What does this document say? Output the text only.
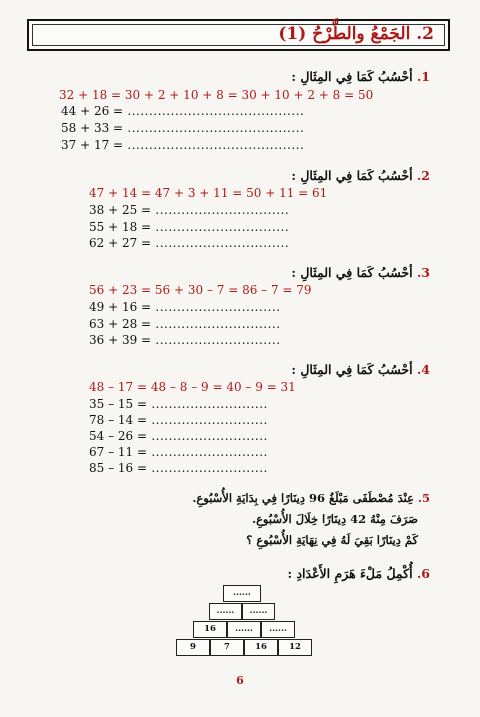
2. الجَمْعُ والطَّرْحُ (1)
1. أحْسُبُ كَمَا فِي المِثَالِ :
32 + 18 = 30 + 2 + 10 + 8 = 30 + 10 + 2 + 8 = 50
44 + 26 = .........................................
58 + 33 = .........................................
37 + 17 = .........................................
2. أحْسُبُ كَمَا فِي المِثَالِ :
47 + 14 = 47 + 3 + 11 = 50 + 11 = 61
38 + 25 = ...............................
55 + 18 = ...............................
62 + 27 = ...............................
3. أحْسُبُ كَمَا فِي المِثَالِ :
56 + 23 = 56 + 30 – 7 = 86 – 7 = 79
49 + 16 = .............................
63 + 28 = .............................
36 + 39 = .............................
4. أحْسُبُ كَمَا فِي المِثَالِ :
48 – 17 = 48 – 8 – 9 = 40 – 9 = 31
35 – 15 = ...........................
78 – 14 = ...........................
54 – 26 = ...........................
67 – 11 = ...........................
85 – 16 = ...........................
5. عِنْدَ مُصْطَفَى مَبْلَغُ 96 دِينَارًا فِي بِدَايَةِ الأُسْبُوعِ.
صَرَفَ مِنْهُ 42 دِينَارًا خِلَالَ الأُسْبُوعِ.
كَمْ دِينَارًا بَقِيَ لَهُ فِي نِهَايَةِ الأُسْبُوعِ ؟
6. أُكْمِلُ مَلْءَ هَرَمِ الأَعْدَادِ :
......
......	......
16	......	......
9	7	16	12
6
